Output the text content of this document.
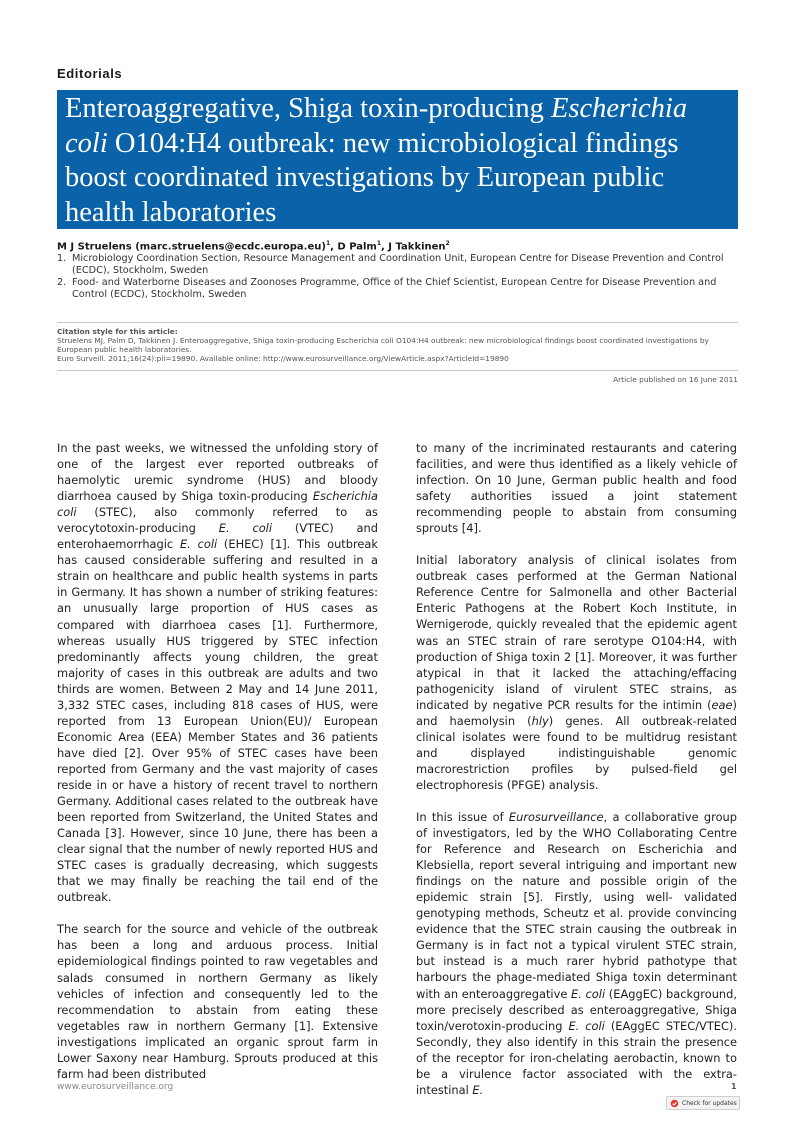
Editorials
Enteroaggregative, Shiga toxin-producing Escherichia coli O104:H4 outbreak: new microbiological findings boost coordinated investigations by European public health laboratories
M J Struelens (marc.struelens@ecdc.europa.eu)$^1$, D Palm$^1$, J Takkinen$^2$
1. Microbiology Coordination Section, Resource Management and Coordination Unit, European Centre for Disease Prevention and Control (ECDC), Stockholm, Sweden
2. Food- and Waterborne Diseases and Zoonoses Programme, Office of the Chief Scientist, European Centre for Disease Prevention and Control (ECDC), Stockholm, Sweden
Citation style for this article:
Struelens MJ, Palm D, Takkinen J. Enteroaggregative, Shiga toxin-producing Escherichia coli O104:H4 outbreak: new microbiological findings boost coordinated investigations by European public health laboratories.
Euro Surveill. 2011;16(24):pii=19890. Available online: http://www.eurosurveillance.org/ViewArticle.aspx?ArticleId=19890
Article published on 16 June 2011

In the past weeks, we witnessed the unfolding story of one of the largest ever reported outbreaks of haemolytic uremic syndrome (HUS) and bloody diarrhoea caused by Shiga toxin-producing Escherichia coli (STEC), also commonly referred to as verocytotoxin-producing E. coli (VTEC) and enterohaemorrhagic E. coli (EHEC) [1]. This outbreak has caused considerable suffering and resulted in a strain on healthcare and public health systems in parts in Germany. It has shown a number of striking features: an unusually large proportion of HUS cases as compared with diarrhoea cases [1]. Furthermore, whereas usually HUS triggered by STEC infection predominantly affects young children, the great majority of cases in this outbreak are adults and two thirds are women. Between 2 May and 14 June 2011, 3,332 STEC cases, including 818 cases of HUS, were reported from 13 European Union(EU)/ European Economic Area (EEA) Member States and 36 patients have died [2]. Over 95% of STEC cases have been reported from Germany and the vast majority of cases reside in or have a history of recent travel to northern Germany. Additional cases related to the outbreak have been reported from Switzerland, the United States and Canada [3]. However, since 10 June, there has been a clear signal that the number of newly reported HUS and STEC cases is gradually decreasing, which suggests that we may finally be reaching the tail end of the outbreak.

The search for the source and vehicle of the outbreak has been a long and arduous process. Initial epidemiological findings pointed to raw vegetables and salads consumed in northern Germany as likely vehicles of infection and consequently led to the recommendation to abstain from eating these vegetables raw in northern Germany [1]. Extensive investigations implicated an organic sprout farm in Lower Saxony near Hamburg. Sprouts produced at this farm had been distributed

to many of the incriminated restaurants and catering facilities, and were thus identified as a likely vehicle of infection. On 10 June, German public health and food safety authorities issued a joint statement recommending people to abstain from consuming sprouts [4].

Initial laboratory analysis of clinical isolates from outbreak cases performed at the German National Reference Centre for Salmonella and other Bacterial Enteric Pathogens at the Robert Koch Institute, in Wernigerode, quickly revealed that the epidemic agent was an STEC strain of rare serotype O104:H4, with production of Shiga toxin 2 [1]. Moreover, it was further atypical in that it lacked the attaching/effacing pathogenicity island of virulent STEC strains, as indicated by negative PCR results for the intimin (eae) and haemolysin (hly) genes. All outbreak-related clinical isolates were found to be multidrug resistant and displayed indistinguishable genomic macrorestriction profiles by pulsed-field gel electrophoresis (PFGE) analysis.

In this issue of Eurosurveillance, a collaborative group of investigators, led by the WHO Collaborating Centre for Reference and Research on Escherichia and Klebsiella, report several intriguing and important new findings on the nature and possible origin of the epidemic strain [5]. Firstly, using well- validated genotyping methods, Scheutz et al. provide convincing evidence that the STEC strain causing the outbreak in Germany is in fact not a typical virulent STEC strain, but instead is a much rarer hybrid pathotype that harbours the phage-mediated Shiga toxin determinant with an enteroaggregative E. coli (EAggEC) background, more precisely described as enteroaggregative, Shiga toxin/verotoxin-producing E. coli (EAggEC STEC/VTEC). Secondly, they also identify in this strain the presence of the receptor for iron-chelating aerobactin, known to be a virulence factor associated with the extra-intestinal E.

www.eurosurveillance.org	1
Check for updates
